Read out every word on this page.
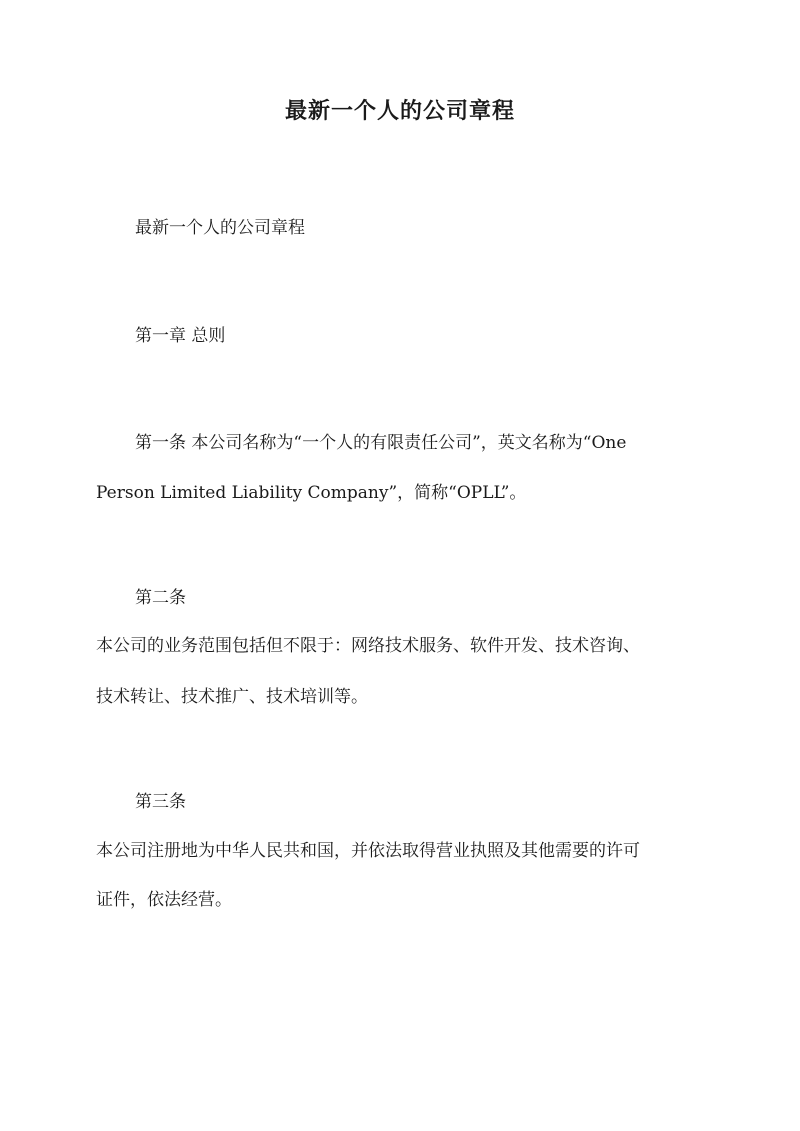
最新一个人的公司章程

最新一个人的公司章程

第一章 总则

第一条 本公司名称为“一个人的有限责任公司”，英文名称为“One

Person Limited Liability Company”，简称“OPLL”。

第二条

本公司的业务范围包括但不限于：网络技术服务、软件开发、技术咨询、

技术转让、技术推广、技术培训等。

第三条

本公司注册地为中华人民共和国，并依法取得营业执照及其他需要的许可

证件，依法经营。
